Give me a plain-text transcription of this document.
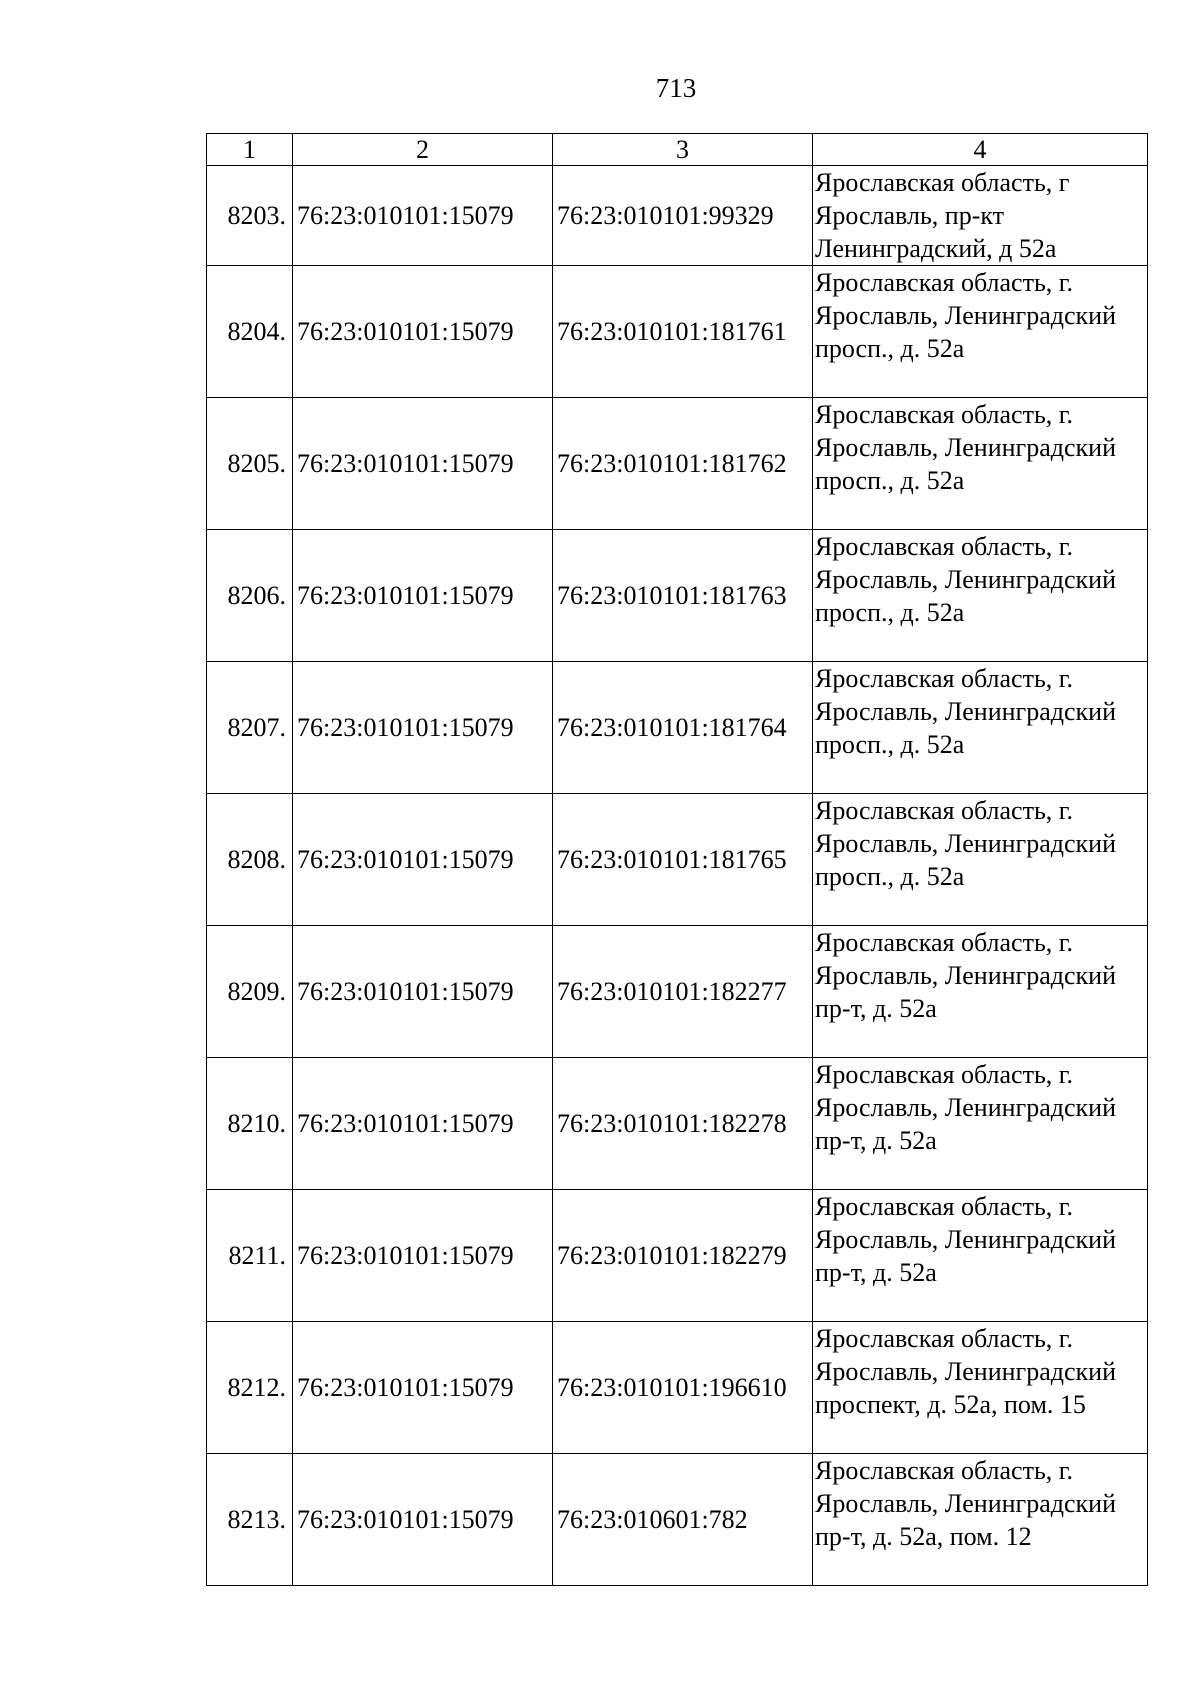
713
1	2	3	4
8203.	76:23:010101:15079	76:23:010101:99329	Ярославская область, г Ярославль, пр-кт Ленинградский, д 52а
8204.	76:23:010101:15079	76:23:010101:181761	Ярославская область, г. Ярославль, Ленинградский просп., д. 52а
8205.	76:23:010101:15079	76:23:010101:181762	Ярославская область, г. Ярославль, Ленинградский просп., д. 52а
8206.	76:23:010101:15079	76:23:010101:181763	Ярославская область, г. Ярославль, Ленинградский просп., д. 52а
8207.	76:23:010101:15079	76:23:010101:181764	Ярославская область, г. Ярославль, Ленинградский просп., д. 52а
8208.	76:23:010101:15079	76:23:010101:181765	Ярославская область, г. Ярославль, Ленинградский просп., д. 52а
8209.	76:23:010101:15079	76:23:010101:182277	Ярославская область, г. Ярославль, Ленинградский пр-т, д. 52а
8210.	76:23:010101:15079	76:23:010101:182278	Ярославская область, г. Ярославль, Ленинградский пр-т, д. 52а
8211.	76:23:010101:15079	76:23:010101:182279	Ярославская область, г. Ярославль, Ленинградский пр-т, д. 52а
8212.	76:23:010101:15079	76:23:010101:196610	Ярославская область, г. Ярославль, Ленинградский проспект, д. 52а, пом. 15
8213.	76:23:010101:15079	76:23:010601:782	Ярославская область, г. Ярославль, Ленинградский пр-т, д. 52а, пом. 12
